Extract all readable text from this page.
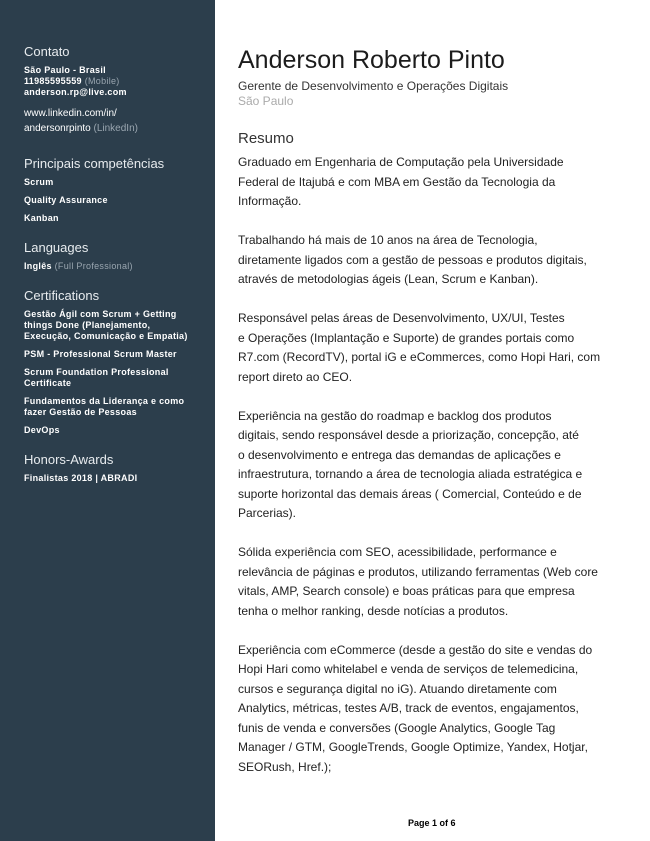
Contato
São Paulo - Brasil
11985595559 (Mobile)
anderson.rp@live.com
www.linkedin.com/in/
andersonrpinto (LinkedIn)
Principais competências
Scrum
Quality Assurance
Kanban
Languages
Inglês (Full Professional)
Certifications
Gestão Ágil com Scrum + Getting
things Done (Planejamento,
Execução, Comunicação e Empatia)
PSM - Professional Scrum Master
Scrum Foundation Professional
Certificate
Fundamentos da Liderança e como
fazer Gestão de Pessoas
DevOps
Honors-Awards
Finalistas 2018 | ABRADI
Anderson Roberto Pinto
Gerente de Desenvolvimento e Operações Digitais
São Paulo
Resumo
Graduado em Engenharia de Computação pela Universidade
Federal de Itajubá e com MBA em Gestão da Tecnologia da
Informação.
Trabalhando há mais de 10 anos na área de Tecnologia,
diretamente ligados com a gestão de pessoas e produtos digitais,
através de metodologias ágeis (Lean, Scrum e Kanban).
Responsável pelas áreas de Desenvolvimento, UX/UI, Testes
e Operações (Implantação e Suporte) de grandes portais como
R7.com (RecordTV), portal iG e eCommerces, como Hopi Hari, com
report direto ao CEO.
Experiência na gestão do roadmap e backlog dos produtos
digitais, sendo responsável desde a priorização, concepção, até
o desenvolvimento e entrega das demandas de aplicações e
infraestrutura, tornando a área de tecnologia aliada estratégica e
suporte horizontal das demais áreas ( Comercial, Conteúdo e de
Parcerias).
Sólida experiência com SEO, acessibilidade, performance e
relevância de páginas e produtos, utilizando ferramentas (Web core
vitals, AMP, Search console) e boas práticas para que empresa
tenha o melhor ranking, desde notícias a produtos.
Experiência com eCommerce (desde a gestão do site e vendas do
Hopi Hari como whitelabel e venda de serviços de telemedicina,
cursos e segurança digital no iG). Atuando diretamente com
Analytics, métricas, testes A/B, track de eventos, engajamentos,
funis de venda e conversões (Google Analytics, Google Tag
Manager / GTM, GoogleTrends, Google Optimize, Yandex, Hotjar,
SEORush, Href.);
Page 1 of 6
